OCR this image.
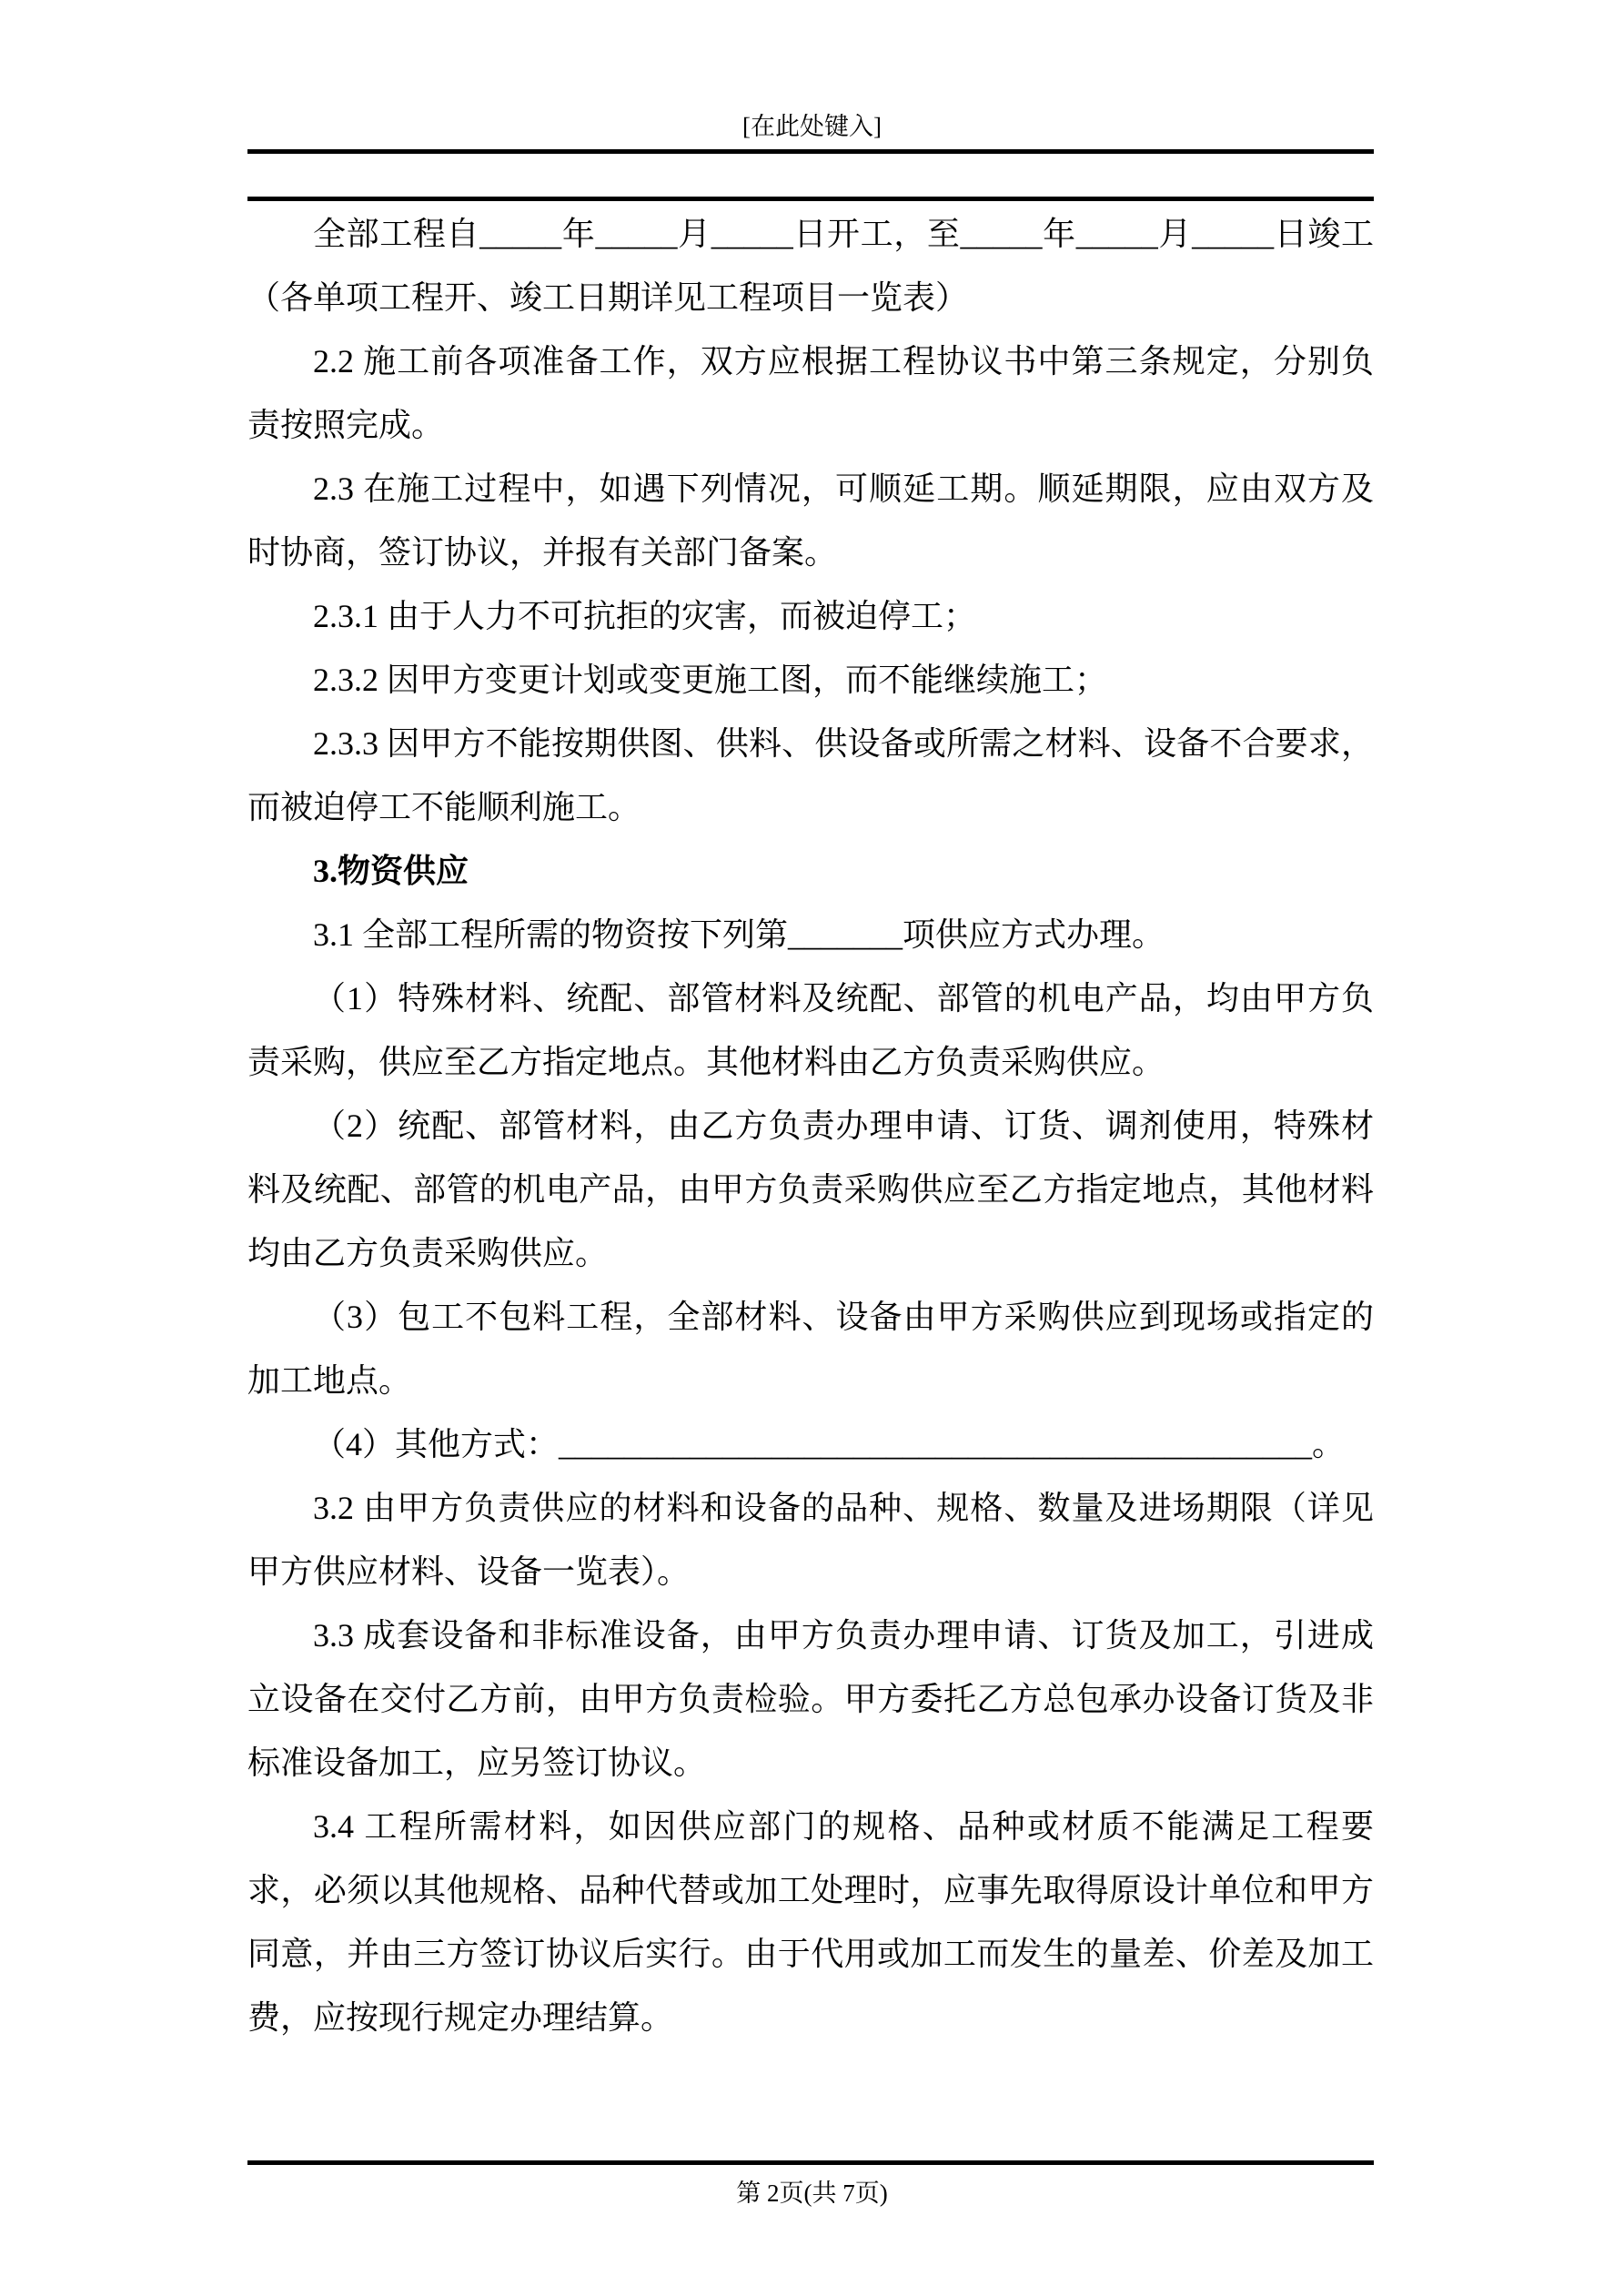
[在此处键入]

全部工程自_____年_____月_____日开工，至_____年_____月_____日竣工（各单项工程开、竣工日期详见工程项目一览表）

2.2 施工前各项准备工作，双方应根据工程协议书中第三条规定，分别负责按照完成。

2.3 在施工过程中，如遇下列情况，可顺延工期。顺延期限，应由双方及时协商，签订协议，并报有关部门备案。

2.3.1 由于人力不可抗拒的灾害，而被迫停工；

2.3.2 因甲方变更计划或变更施工图，而不能继续施工；

2.3.3 因甲方不能按期供图、供料、供设备或所需之材料、设备不合要求，而被迫停工不能顺利施工。

3.物资供应

3.1 全部工程所需的物资按下列第_______项供应方式办理。

（1）特殊材料、统配、部管材料及统配、部管的机电产品，均由甲方负责采购，供应至乙方指定地点。其他材料由乙方负责采购供应。

（2）统配、部管材料，由乙方负责办理申请、订货、调剂使用，特殊材料及统配、部管的机电产品，由甲方负责采购供应至乙方指定地点，其他材料均由乙方负责采购供应。

（3）包工不包料工程，全部材料、设备由甲方采购供应到现场或指定的加工地点。

（4）其他方式：______________________________________________。

3.2 由甲方负责供应的材料和设备的品种、规格、数量及进场期限（详见甲方供应材料、设备一览表）。

3.3 成套设备和非标准设备，由甲方负责办理申请、订货及加工，引进成立设备在交付乙方前，由甲方负责检验。甲方委托乙方总包承办设备订货及非标准设备加工，应另签订协议。

3.4 工程所需材料，如因供应部门的规格、品种或材质不能满足工程要求，必须以其他规格、品种代替或加工处理时，应事先取得原设计单位和甲方同意，并由三方签订协议后实行。由于代用或加工而发生的量差、价差及加工费，应按现行规定办理结算。

第 2页(共 7页)
